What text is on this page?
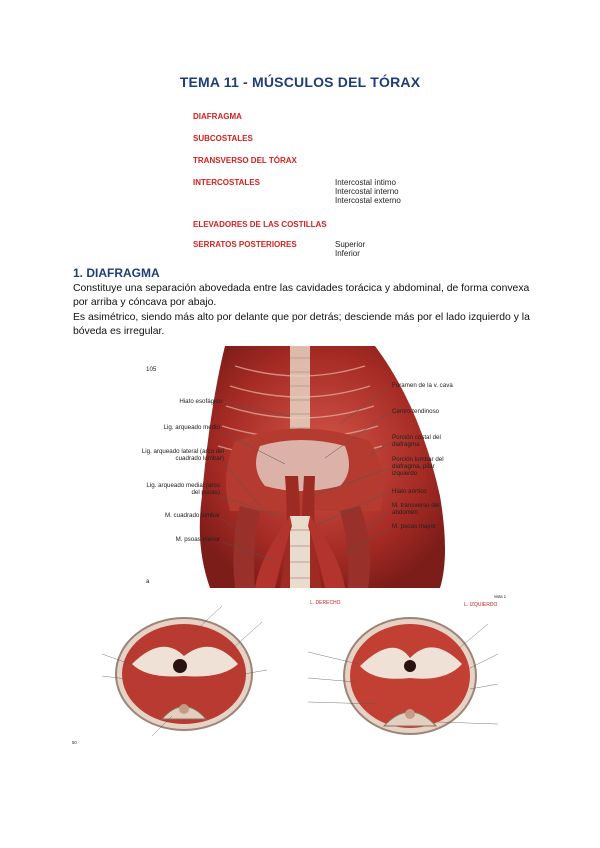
TEMA 11 - MÚSCULOS DEL TÓRAX
DIAFRAGMA
SUBCOSTALES
TRANSVERSO DEL TÓRAX
INTERCOSTALES	Intercostal íntimo
Intercostal interno
Intercostal externo
ELEVADORES DE LAS COSTILLAS
SERRATOS POSTERIORES	Superior
Inferior
1. DIAFRAGMA
Constituye una separación abovedada entre las cavidades torácica y abdominal, de forma convexa por arriba y cóncava por abajo.
Es asimétrico, siendo más alto por delante que por detrás; desciende más por el lado izquierdo y la bóveda es irregular.
105
a
Hiato esofágico
Lig. arqueado medio
Lig. arqueado lateral (arco del cuadrado lumbar)
Lig. arqueado medial (arco del psoas)
M. cuadrado lumbar
M. psoas menor
Foramen de la v. cava
Centro tendinoso
Porción costal del diafragma
Porción lumbar del diafragma, pilar izquierdo
Hiato aórtico
M. transverso del abdomen
M. psoas mayor
50
L. DERECHO	L. IZQUIERDO
vista 1
